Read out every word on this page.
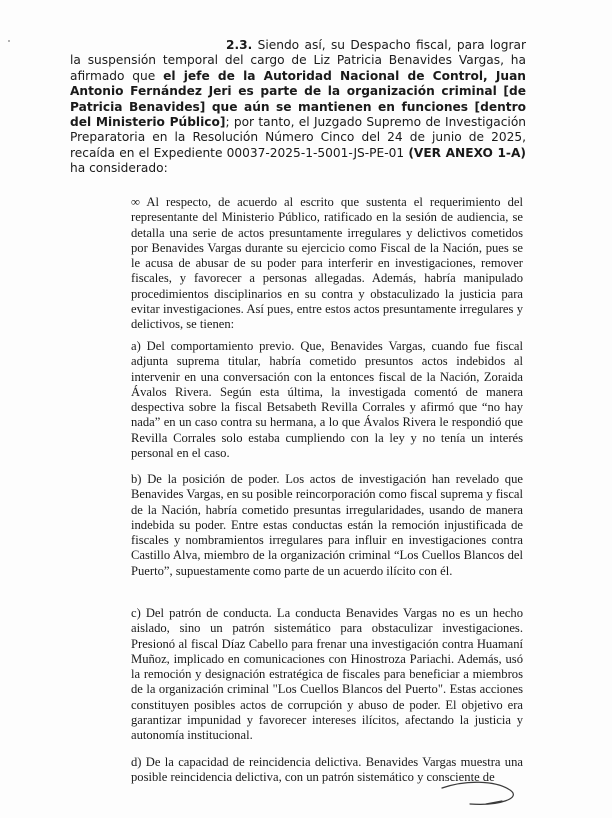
2.3. Siendo así, su Despacho fiscal, para lograr la suspensión temporal del cargo de Liz Patricia Benavides Vargas, ha afirmado que el jefe de la Autoridad Nacional de Control, Juan Antonio Fernández Jeri es parte de la organización criminal [de Patricia Benavides] que aún se mantienen en funciones [dentro del Ministerio Público]; por tanto, el Juzgado Supremo de Investigación Preparatoria en la Resolución Número Cinco del 24 de junio de 2025, recaída en el Expediente 00037-2025-1-5001-JS-PE-01 (VER ANEXO 1-A) ha considerado:

∞ Al respecto, de acuerdo al escrito que sustenta el requerimiento del representante del Ministerio Público, ratificado en la sesión de audiencia, se detalla una serie de actos presuntamente irregulares y delictivos cometidos por Benavides Vargas durante su ejercicio como Fiscal de la Nación, pues se le acusa de abusar de su poder para interferir en investigaciones, remover fiscales, y favorecer a personas allegadas. Además, habría manipulado procedimientos disciplinarios en su contra y obstaculizado la justicia para evitar investigaciones. Así pues, entre estos actos presuntamente irregulares y delictivos, se tienen:

a) Del comportamiento previo. Que, Benavides Vargas, cuando fue fiscal adjunta suprema titular, habría cometido presuntos actos indebidos al intervenir en una conversación con la entonces fiscal de la Nación, Zoraida Ávalos Rivera. Según esta última, la investigada comentó de manera despectiva sobre la fiscal Betsabeth Revilla Corrales y afirmó que “no hay nada” en un caso contra su hermana, a lo que Ávalos Rivera le respondió que Revilla Corrales solo estaba cumpliendo con la ley y no tenía un interés personal en el caso.

b) De la posición de poder. Los actos de investigación han revelado que Benavides Vargas, en su posible reincorporación como fiscal suprema y fiscal de la Nación, habría cometido presuntas irregularidades, usando de manera indebida su poder. Entre estas conductas están la remoción injustificada de fiscales y nombramientos irregulares para influir en investigaciones contra Castillo Alva, miembro de la organización criminal “Los Cuellos Blancos del Puerto”, supuestamente como parte de un acuerdo ilícito con él.

c) Del patrón de conducta. La conducta Benavides Vargas no es un hecho aislado, sino un patrón sistemático para obstaculizar investigaciones. Presionó al fiscal Díaz Cabello para frenar una investigación contra Huamaní Muñoz, implicado en comunicaciones con Hinostroza Pariachi. Además, usó la remoción y designación estratégica de fiscales para beneficiar a miembros de la organización criminal "Los Cuellos Blancos del Puerto". Estas acciones constituyen posibles actos de corrupción y abuso de poder. El objetivo era garantizar impunidad y favorecer intereses ilícitos, afectando la justicia y autonomía institucional.

d) De la capacidad de reincidencia delictiva. Benavides Vargas muestra una posible reincidencia delictiva, con un patrón sistemático y consciente de
